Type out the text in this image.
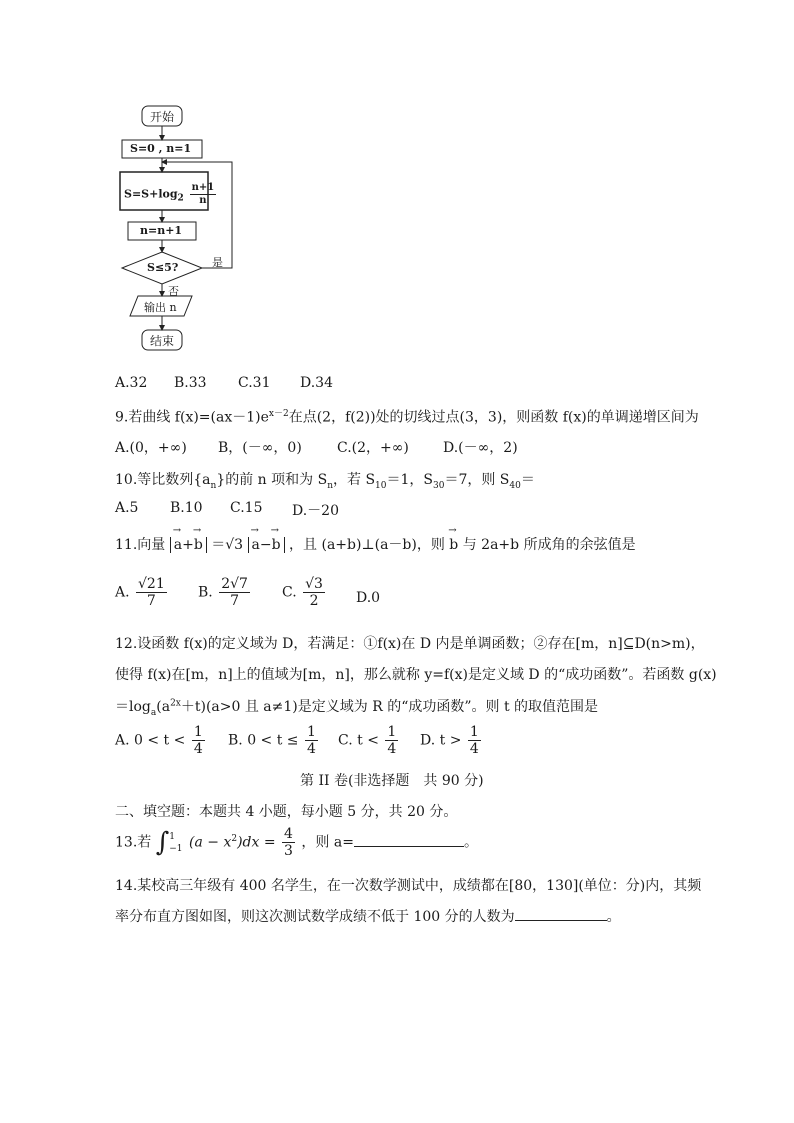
开始
S=0 , n=1
$S=S+\log_2 \frac{n+1}{n}$
n=n+1
S≤5?	是
否
输出 n
结束
A.32 B.33 C.31 D.34
9.若曲线 $f(x)=(ax-1)e^{x-2}$在点(2，f(2))处的切线过点(3，3)，则函数 f(x)的单调递增区间为
A.(0，+∞) B，(－∞，0)	C.(2，+∞) D.(－∞，2)
10.等比数列$\{a_n\}$的前 n 项和为 $S_n$，若 $S_{10}=1$，$S_{30}=7$，则 $S_{40}=$
A.5 B.10 C.15 D.－20
11.向量 → a+→ b ＝√3 → a−→ b ，且 (a+b)⊥(a－b)，则 → b 与 2a+b 所成角的余弦值是
A. $\frac{√21}{7} B$. $\frac{2√7}{7} C$. $\frac{√3}{2} D.0$
12.设函数 f(x)的定义域为 D，若满足：①f(x)在 D 内是单调函数；②存在[m，n]⊆D(n>m)，
使得 f(x)在[m，n]上的值域为[m，n]，那么就称 y=f(x)是定义域 D 的“成功函数”。若函数 g(x)
$=\log_a(a^{2x}+t)(a>0$ 且 a≠1)是定义域为 R 的“成功函数”。则 t 的取值范围是
A. $0 < t < \frac{1}{4} B$. $0 < t \le \frac{1}{4} C$. $t < \frac{1}{4} D$. $t > \frac{1}{4}$
第 II 卷(非选择题　共 90 分)
二、填空题：本题共 4 小题，每小题 5 分，共 20 分。
13.若 ∫1
−1 $(a - x^2)dx = \frac{4}{3}$ ，则 a=	。
14.某校高三年级有 400 名学生，在一次数学测试中，成绩都在[80，130](单位：分)内，其频
率分布直方图如图，则这次测试数学成绩不低于 100 分的人数为	。
